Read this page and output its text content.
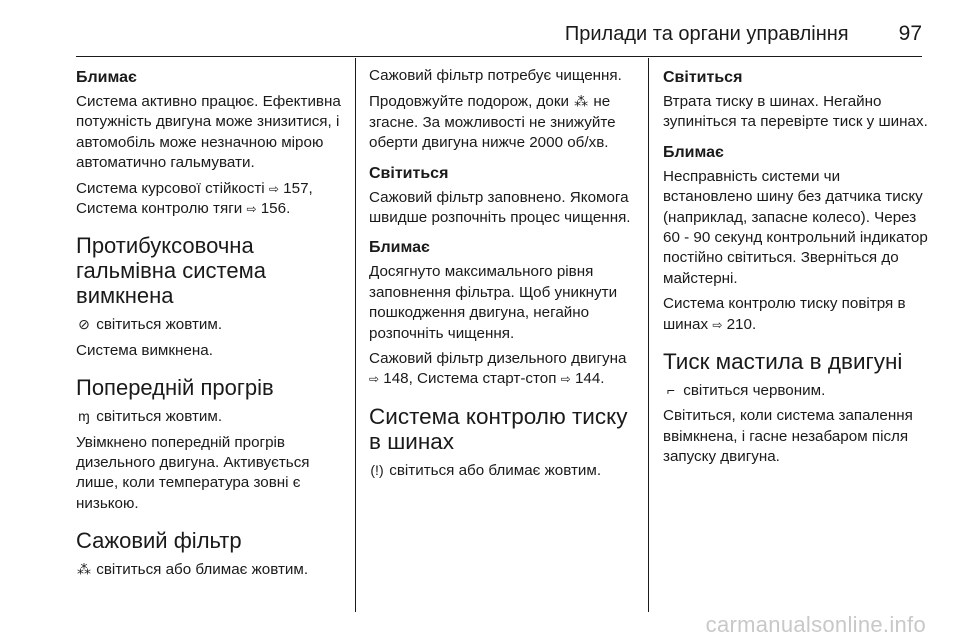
Прилади та органи управління 97
Блимає

Система активно працює. Ефективна потужність двигуна може знизитися, і автомобіль може незначною мірою автоматично гальмувати.

Система курсової стійкості ⇨ 157, Система контролю тяги ⇨ 156.

Протибуксовочна гальмівна система вимкнена

⊘ світиться жовтим.

Система вимкнена.

Попередній прогрів

ɱ світиться жовтим.

Увімкнено попередній прогрів дизельного двигуна. Активується лише, коли температура зовні є низькою.

Сажовий фільтр

⁂ світиться або блимає жовтим.

Сажовий фільтр потребує чищення.

Продовжуйте подорож, доки ⁂ не згасне. За можливості не знижуйте оберти двигуна нижче 2000 об/хв.

Світиться

Сажовий фільтр заповнено. Якомога швидше розпочніть процес чищення.

Блимає

Досягнуто максимального рівня заповнення фільтра. Щоб уникнути пошкодження двигуна, негайно розпочніть чищення.

Сажовий фільтр дизельного двигуна ⇨ 148, Система старт-стоп ⇨ 144.

Система контролю тиску в шинах

(!) світиться або блимає жовтим.

Світиться

Втрата тиску в шинах. Негайно зупиніться та перевірте тиск у шинах.

Блимає

Несправність системи чи встановлено шину без датчика тиску (наприклад, запасне колесо). Через 60 - 90 секунд контрольний індикатор постійно світиться. Зверніться до майстерні.

Система контролю тиску повітря в шинах ⇨ 210.

Тиск мастила в двигуні

⌐ світиться червоним.

Світиться, коли система запалення ввімкнена, і гасне незабаром після запуску двигуна.

carmanualsonline.info
